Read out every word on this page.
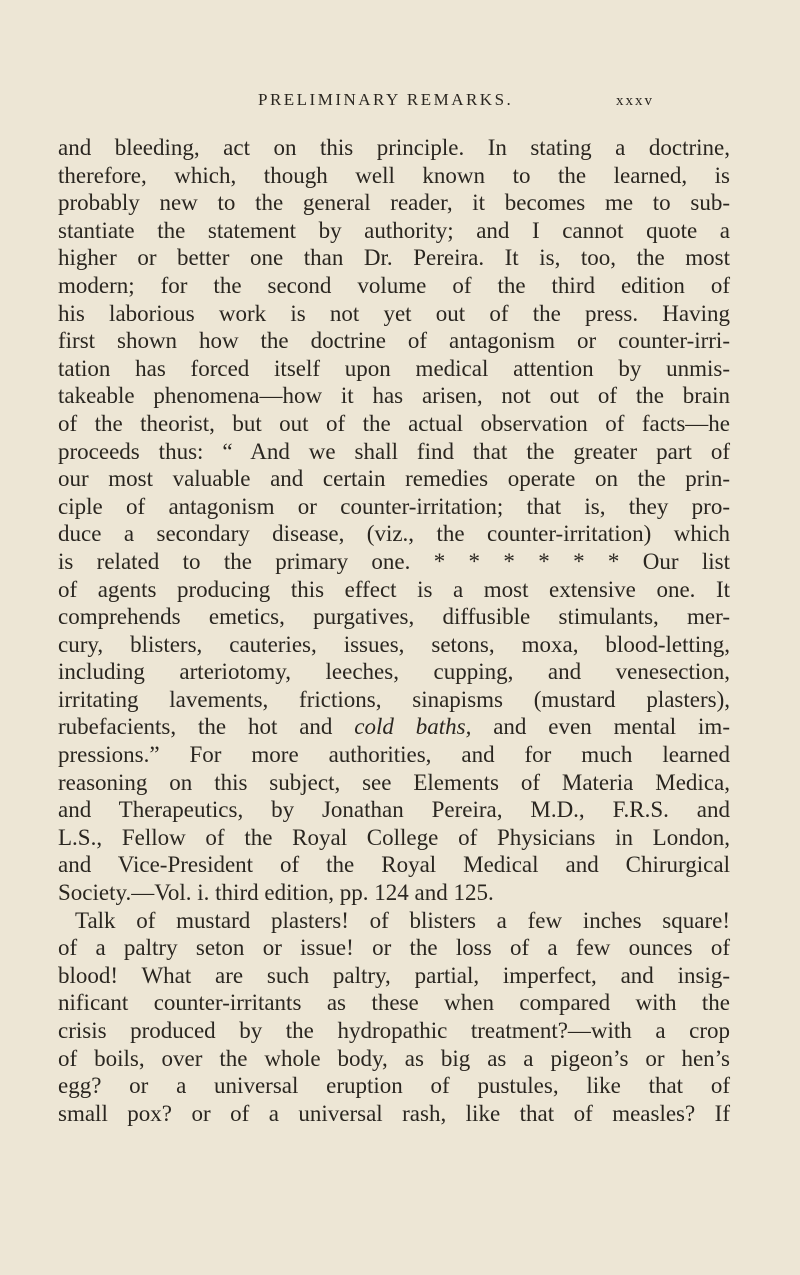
PRELIMINARY REMARKS.	xxxv
and bleeding, act on this principle. In stating a doctrine,
therefore, which, though well known to the learned, is
probably new to the general reader, it becomes me to sub-
stantiate the statement by authority; and I cannot quote a
higher or better one than Dr. Pereira. It is, too, the most
modern; for the second volume of the third edition of
his laborious work is not yet out of the press. Having
first shown how the doctrine of antagonism or counter-irri-
tation has forced itself upon medical attention by unmis-
takeable phenomena—how it has arisen, not out of the brain
of the theorist, but out of the actual observation of facts—he
proceeds thus: “ And we shall find that the greater part of
our most valuable and certain remedies operate on the prin-
ciple of antagonism or counter-irritation; that is, they pro-
duce a secondary disease, (viz., the counter-irritation) which
is related to the primary one. * * * * * * Our list
of agents producing this effect is a most extensive one. It
comprehends emetics, purgatives, diffusible stimulants, mer-
cury, blisters, cauteries, issues, setons, moxa, blood-letting,
including arteriotomy, leeches, cupping, and venesection,
irritating lavements, frictions, sinapisms (mustard plasters),
rubefacients, the hot and cold baths, and even mental im-
pressions.” For more authorities, and for much learned
reasoning on this subject, see Elements of Materia Medica,
and Therapeutics, by Jonathan Pereira, M.D., F.R.S. and
L.S., Fellow of the Royal College of Physicians in London,
and Vice-President of the Royal Medical and Chirurgical
Society.—Vol. i. third edition, pp. 124 and 125.
Talk of mustard plasters! of blisters a few inches square!
of a paltry seton or issue! or the loss of a few ounces of
blood! What are such paltry, partial, imperfect, and insig-
nificant counter-irritants as these when compared with the
crisis produced by the hydropathic treatment?—with a crop
of boils, over the whole body, as big as a pigeon’s or hen’s
egg? or a universal eruption of pustules, like that of
small pox? or of a universal rash, like that of measles? If
